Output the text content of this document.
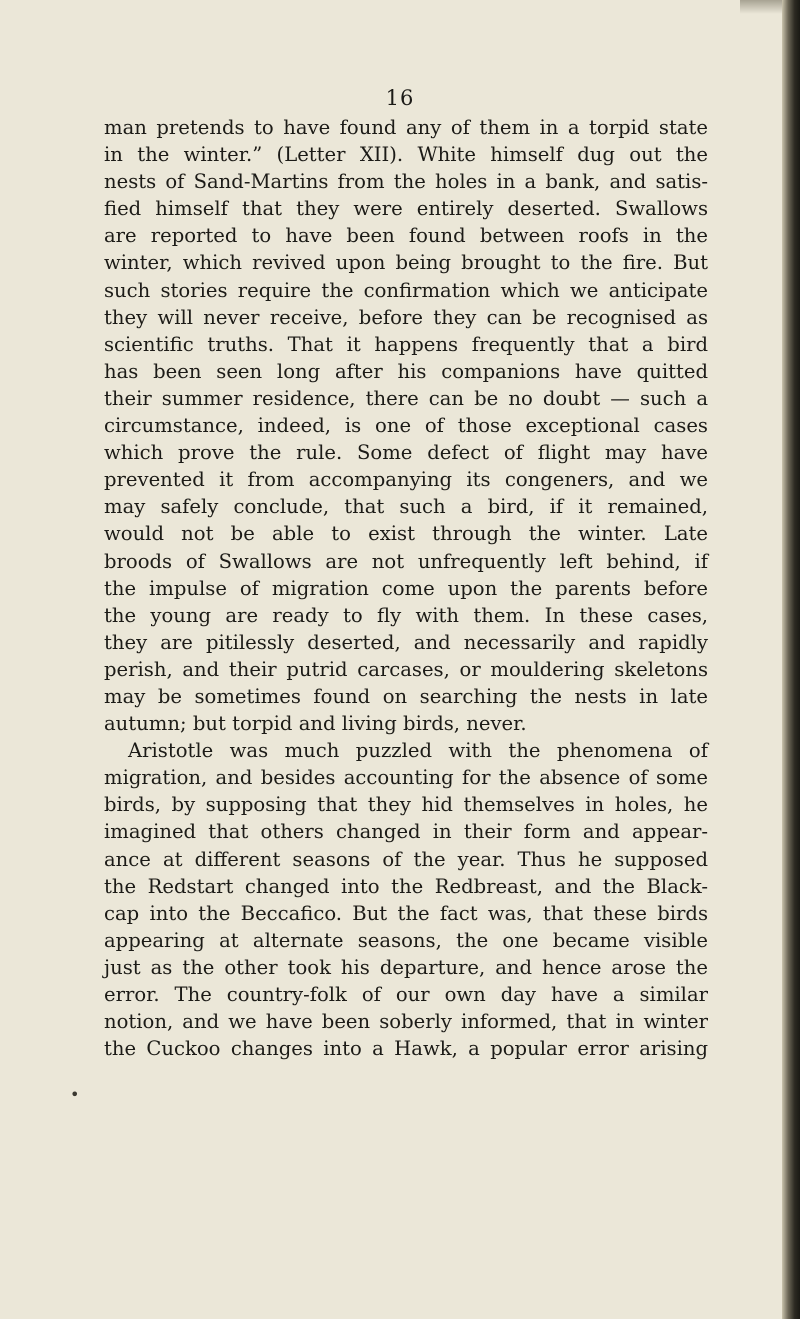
16
•
man pretends to have found any of them in a torpid state
in the winter.” (Letter XII). White himself dug out the
nests of Sand-Martins from the holes in a bank, and satis-
fied himself that they were entirely deserted. Swallows
are reported to have been found between roofs in the
winter, which revived upon being brought to the fire. But
such stories require the confirmation which we anticipate
they will never receive, before they can be recognised as
scientific truths. That it happens frequently that a bird
has been seen long after his companions have quitted
their summer residence, there can be no doubt — such a
circumstance, indeed, is one of those exceptional cases
which prove the rule. Some defect of flight may have
prevented it from accompanying its congeners, and we
may safely conclude, that such a bird, if it remained,
would not be able to exist through the winter. Late
broods of Swallows are not unfrequently left behind, if
the impulse of migration come upon the parents before
the young are ready to fly with them. In these cases,
they are pitilessly deserted, and necessarily and rapidly
perish, and their putrid carcases, or mouldering skeletons
may be sometimes found on searching the nests in late
autumn; but torpid and living birds, never.
Aristotle was much puzzled with the phenomena of
migration, and besides accounting for the absence of some
birds, by supposing that they hid themselves in holes, he
imagined that others changed in their form and appear-
ance at different seasons of the year. Thus he supposed
the Redstart changed into the Redbreast, and the Black-
cap into the Beccafico. But the fact was, that these birds
appearing at alternate seasons, the one became visible
just as the other took his departure, and hence arose the
error. The country-folk of our own day have a similar
notion, and we have been soberly informed, that in winter
the Cuckoo changes into a Hawk, a popular error arising
